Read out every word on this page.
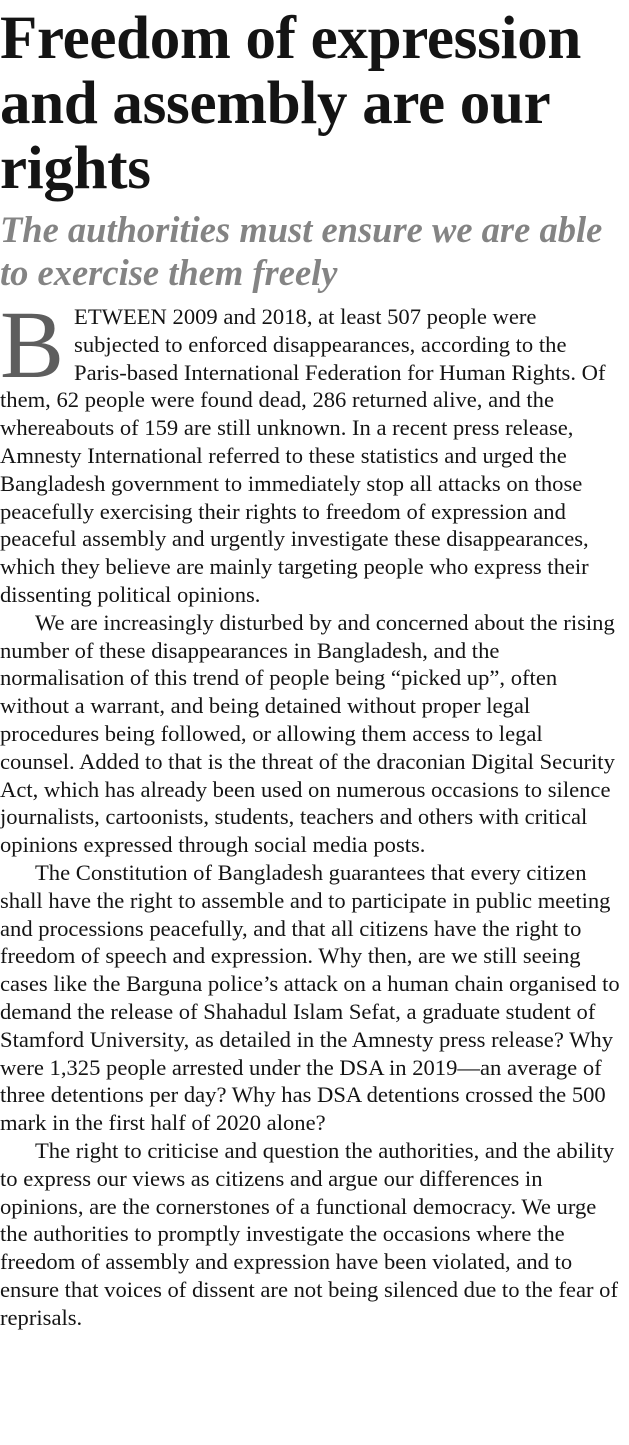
Freedom of expression and assembly are our rights
The authorities must ensure we are able to exercise them freely

BETWEEN 2009 and 2018, at least 507 people were subjected to enforced disappearances, according to the Paris-based International Federation for Human Rights. Of them, 62 people were found dead, 286 returned alive, and the whereabouts of 159 are still unknown. In a recent press release, Amnesty International referred to these statistics and urged the Bangladesh government to immediately stop all attacks on those peacefully exercising their rights to freedom of expression and peaceful assembly and urgently investigate these disappearances, which they believe are mainly targeting people who express their dissenting political opinions.

We are increasingly disturbed by and concerned about the rising number of these disappearances in Bangladesh, and the normalisation of this trend of people being “picked up”, often without a warrant, and being detained without proper legal procedures being followed, or allowing them access to legal counsel. Added to that is the threat of the draconian Digital Security Act, which has already been used on numerous occasions to silence journalists, cartoonists, students, teachers and others with critical opinions expressed through social media posts.

The Constitution of Bangladesh guarantees that every citizen shall have the right to assemble and to participate in public meeting and processions peacefully, and that all citizens have the right to freedom of speech and expression. Why then, are we still seeing cases like the Barguna police’s attack on a human chain organised to demand the release of Shahadul Islam Sefat, a graduate student of Stamford University, as detailed in the Amnesty press release? Why were 1,325 people arrested under the DSA in 2019—an average of three detentions per day? Why has DSA detentions crossed the 500 mark in the first half of 2020 alone?

The right to criticise and question the authorities, and the ability to express our views as citizens and argue our differences in opinions, are the cornerstones of a functional democracy. We urge the authorities to promptly investigate the occasions where the freedom of assembly and expression have been violated, and to ensure that voices of dissent are not being silenced due to the fear of reprisals.
